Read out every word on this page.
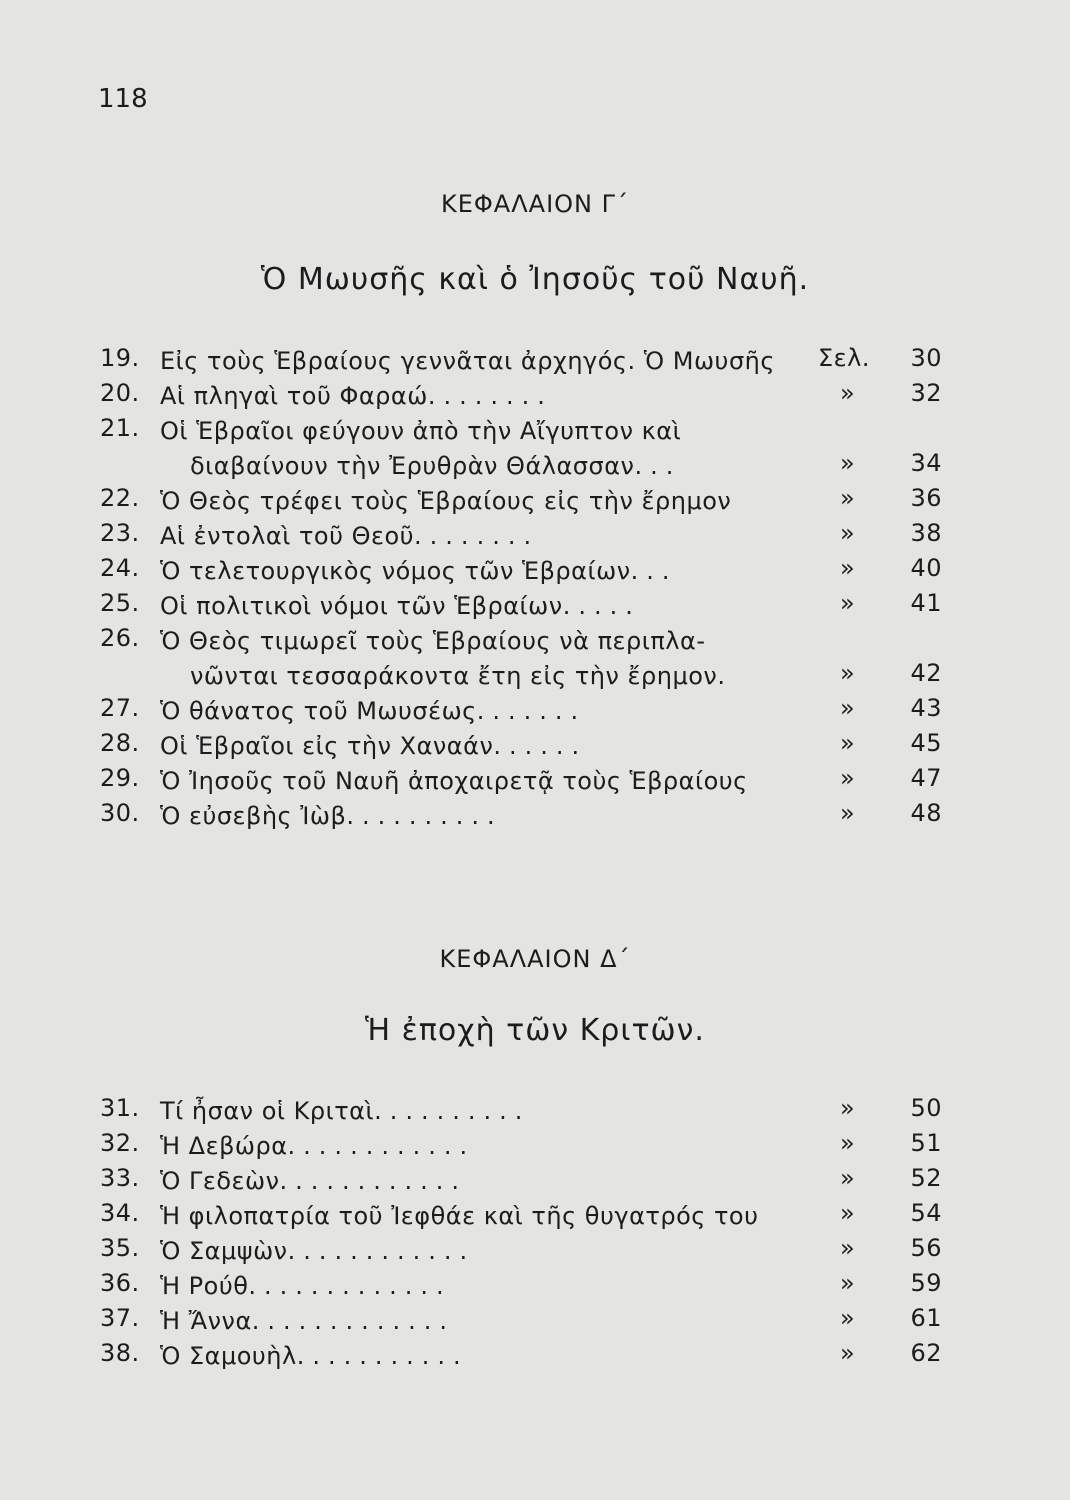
118
ΚΕΦΑΛΑΙΟΝ Γ΄
Ὁ Μωυσῆς καὶ ὁ Ἰησοῦς τοῦ Ναυῆ.
19. Εἰς τοὺς Ἑβραίους γεννᾶται ἀρχηγός. Ὁ Μωυσῆς Σελ.	30
20. Αἱ πληγαὶ τοῦ Φαραώ........	»	32
21. Οἱ Ἑβραῖοι φεύγουν ἀπὸ τὴν Αἴγυπτον καὶ
διαβαίνουν τὴν Ἐρυθρὰν Θάλασσαν...	»	34
22. Ὁ Θεὸς τρέφει τοὺς Ἑβραίους εἰς τὴν ἔρημον	»	36
23. Αἱ ἐντολαὶ τοῦ Θεοῦ........	»	38
24. Ὁ τελετουργικὸς νόμος τῶν Ἑβραίων...	»	40
25. Οἱ πολιτικοὶ νόμοι τῶν Ἑβραίων.....	»	41
26. Ὁ Θεὸς τιμωρεῖ τοὺς Ἑβραίους νὰ περιπλα-
νῶνται τεσσαράκοντα ἔτη εἰς τὴν ἔρημον.	»	42
27. Ὁ θάνατος τοῦ Μωυσέως.......	»	43
28. Οἱ Ἑβραῖοι εἰς τὴν Χαναάν......	»	45
29. Ὁ Ἰησοῦς τοῦ Ναυῆ ἀποχαιρετᾷ τοὺς Ἑβραίους	»	47
30. Ὁ εὐσεβὴς Ἰὼβ..........	»	48
ΚΕΦΑΛΑΙΟΝ Δ΄
Ἡ ἐποχὴ τῶν Κριτῶν.
31. Τί ἦσαν οἱ Κριταὶ..........	»	50
32. Ἡ Δεβώρα............	»	51
33. Ὁ Γεδεὼν............	»	52
34. Ἡ φιλοπατρία τοῦ Ἰεφθάε καὶ τῆς θυγατρός του	»	54
35. Ὁ Σαμψὼν............	»	56
36. Ἡ Ρούθ.............	»	59
37. Ἡ Ἄννα.............	»	61
38. Ὁ Σαμουὴλ...........	»	62
